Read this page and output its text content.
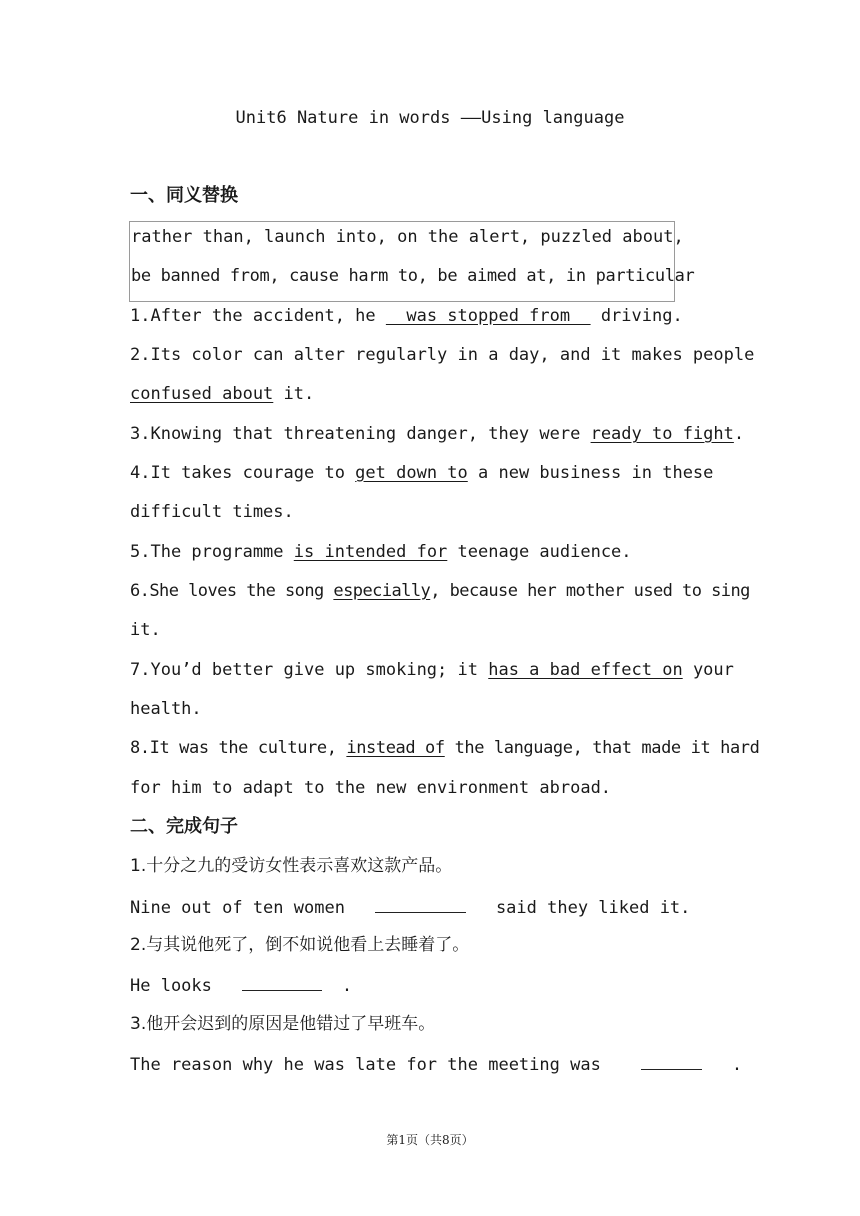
Unit6 Nature in words ——Using language
一、同义替换
rather than, launch into, on the alert, puzzled about,
be banned from, cause harm to, be aimed at, in particular
1.After the accident, he   was stopped from   driving.
2.Its color can alter regularly in a day, and it makes people
confused about it.
3.Knowing that threatening danger, they were ready to fight.
4.It takes courage to get down to a new business in these
difficult times.
5.The programme is intended for teenage audience.
6.She loves the song especially, because her mother used to sing
it.
7.You’d better give up smoking; it has a bad effect on your
health.
8.It was the culture, instead of the language, that made it hard
for him to adapt to the new environment abroad.
二、完成句子
1.十分之九的受访女性表示喜欢这款产品。
Nine out of ten women	said they liked it.
2.与其说他死了，倒不如说他看上去睡着了。
He looks	.
3.他开会迟到的原因是他错过了早班车。
The reason why he was late for the meeting was	.
第1页（共8页）
